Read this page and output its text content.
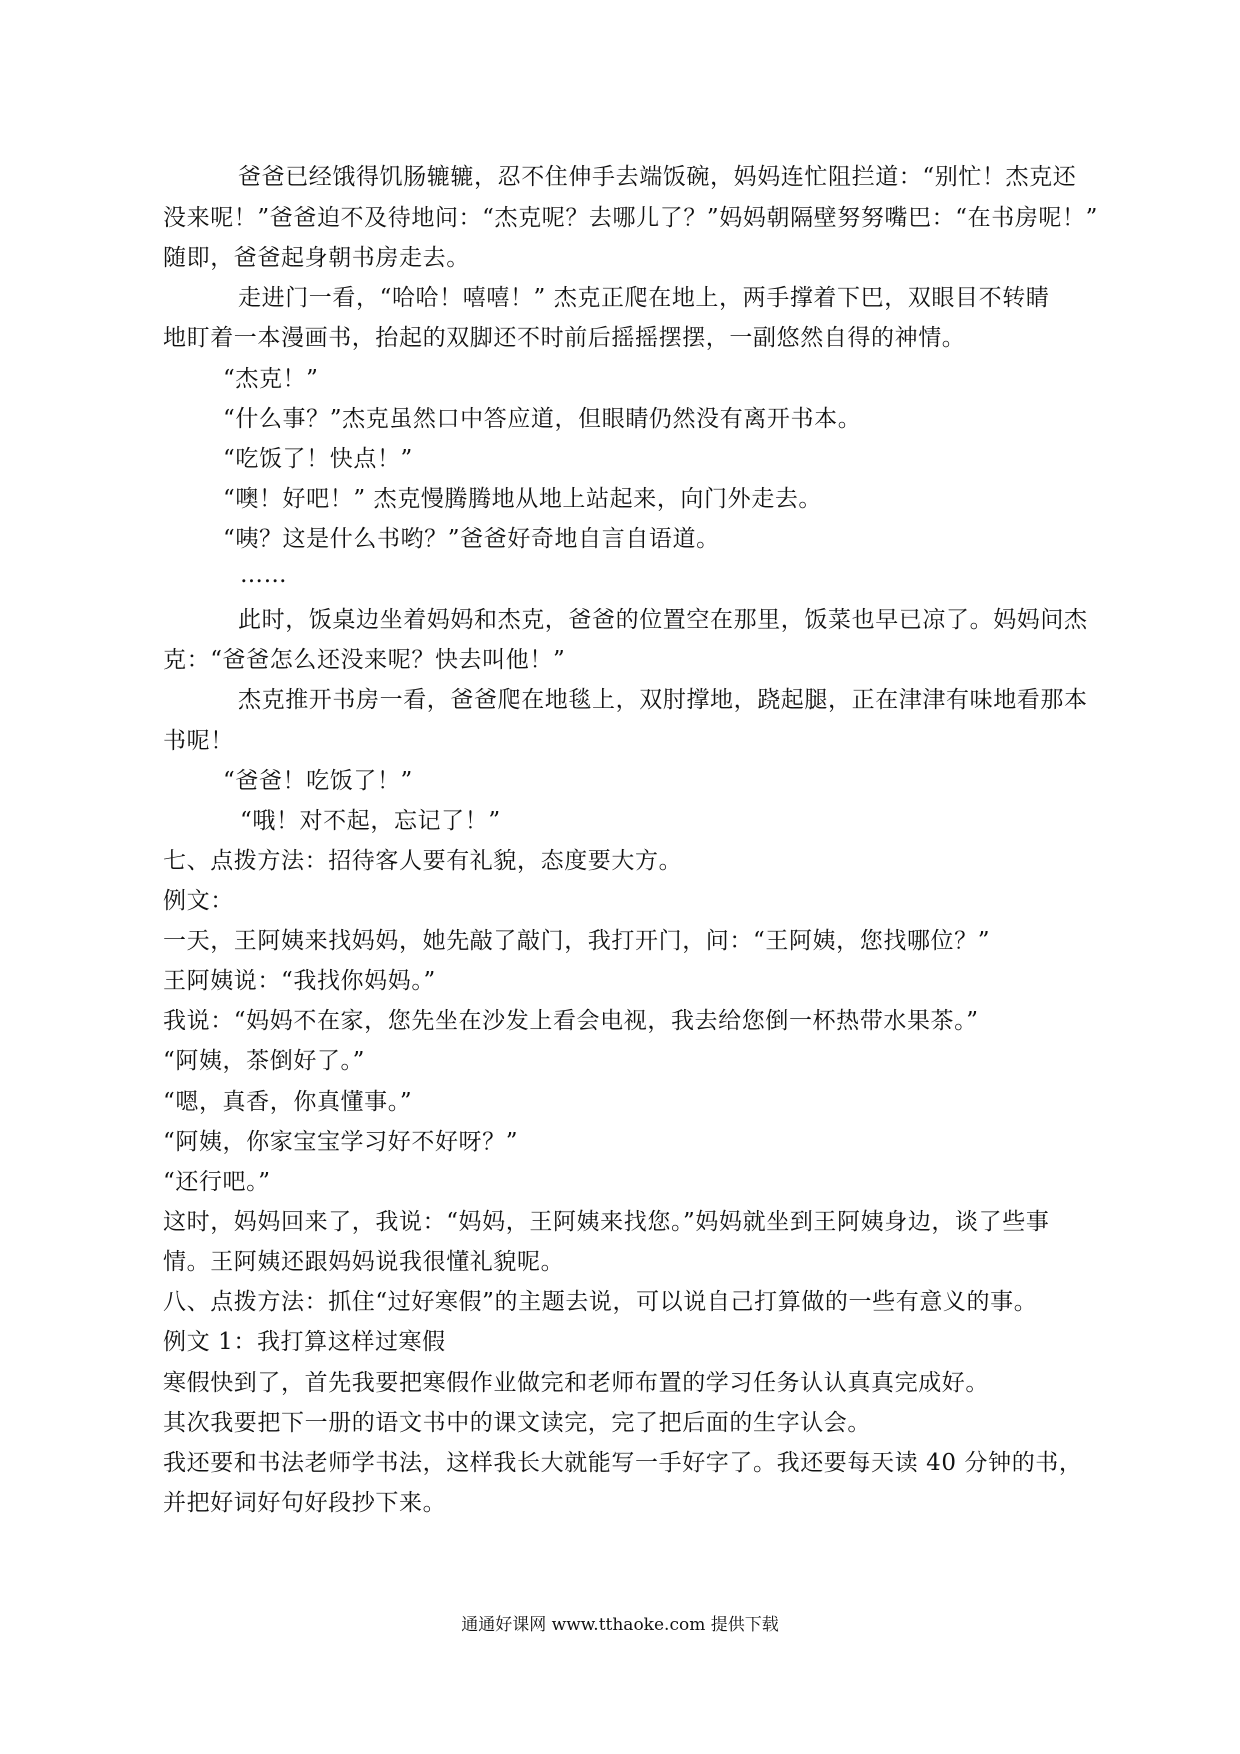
爸爸已经饿得饥肠辘辘，忍不住伸手去端饭碗，妈妈连忙阻拦道：“别忙！杰克还
没来呢！”爸爸迫不及待地问：“杰克呢？去哪儿了？”妈妈朝隔壁努努嘴巴：“在书房呢！”
随即，爸爸起身朝书房走去。
走进门一看，“哈哈！嘻嘻！” 杰克正爬在地上，两手撑着下巴，双眼目不转睛
地盯着一本漫画书，抬起的双脚还不时前后摇摇摆摆，一副悠然自得的神情。
“杰克！”
“什么事？”杰克虽然口中答应道，但眼睛仍然没有离开书本。
“吃饭了！快点！”
“噢！好吧！” 杰克慢腾腾地从地上站起来，向门外走去。
“咦？这是什么书哟？”爸爸好奇地自言自语道。
……
此时，饭桌边坐着妈妈和杰克，爸爸的位置空在那里，饭菜也早已凉了。妈妈问杰
克：“爸爸怎么还没来呢？快去叫他！”
杰克推开书房一看，爸爸爬在地毯上，双肘撑地，跷起腿，正在津津有味地看那本
书呢！
“爸爸！吃饭了！”
“哦！对不起，忘记了！”
七、点拨方法：招待客人要有礼貌，态度要大方。
例文：
一天，王阿姨来找妈妈，她先敲了敲门，我打开门，问：“王阿姨，您找哪位？”
王阿姨说：“我找你妈妈。”
我说：“妈妈不在家，您先坐在沙发上看会电视，我去给您倒一杯热带水果茶。”
“阿姨，茶倒好了。”
“嗯，真香，你真懂事。”
“阿姨，你家宝宝学习好不好呀？”
“还行吧。”
这时，妈妈回来了，我说：“妈妈，王阿姨来找您。”妈妈就坐到王阿姨身边，谈了些事
情。王阿姨还跟妈妈说我很懂礼貌呢。
八、点拨方法：抓住“过好寒假”的主题去说，可以说自己打算做的一些有意义的事。
例文 1：我打算这样过寒假
寒假快到了，首先我要把寒假作业做完和老师布置的学习任务认认真真完成好。
其次我要把下一册的语文书中的课文读完，完了把后面的生字认会。
我还要和书法老师学书法，这样我长大就能写一手好字了。我还要每天读 40 分钟的书，
并把好词好句好段抄下来。
通通好课网 www.tthaoke.com 提供下载
